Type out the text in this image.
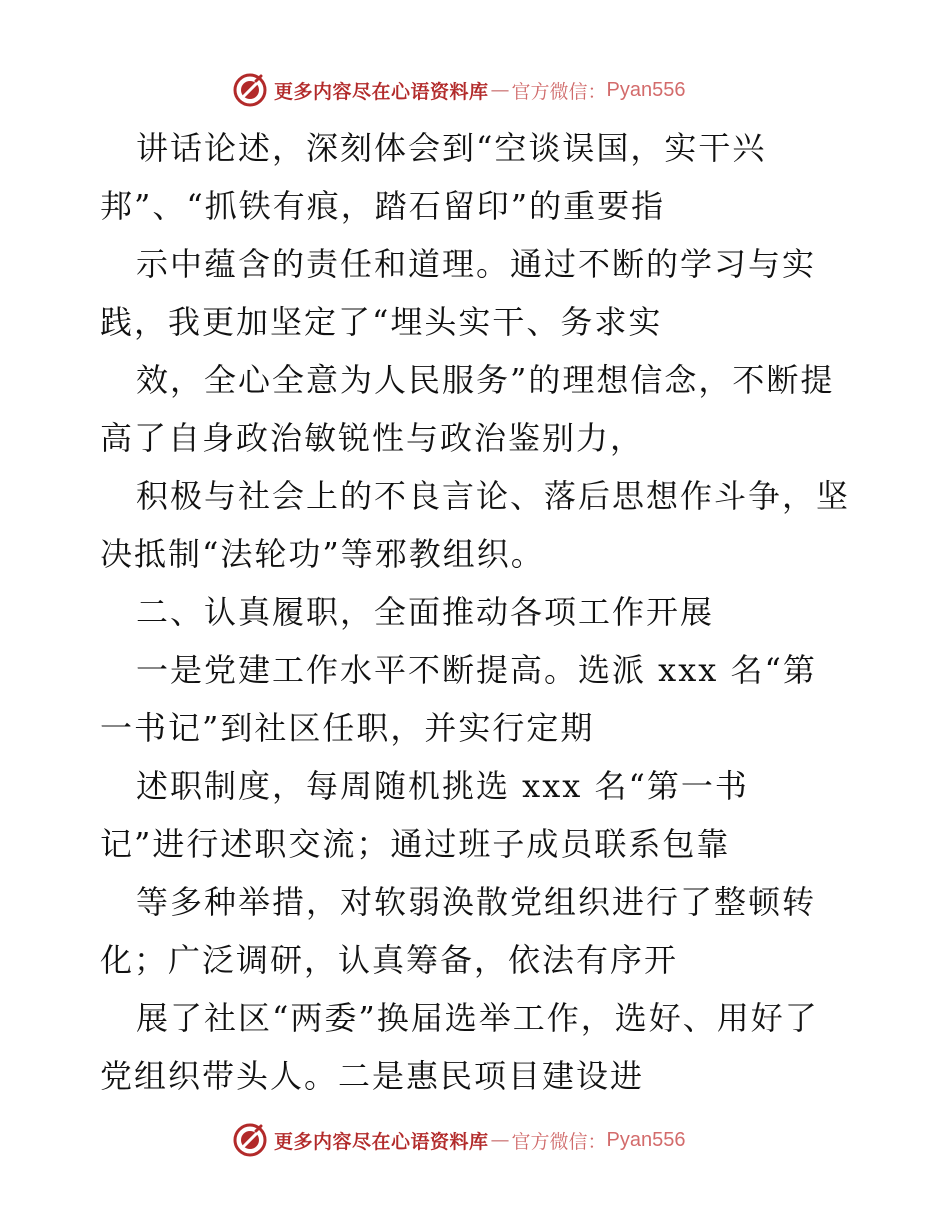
更多内容尽在心语资料库 — 官方微信： Pyan556
讲话论述，深刻体会到“空谈误国，实干兴
邦”、“抓铁有痕，踏石留印”的重要指
示中蕴含的责任和道理。通过不断的学习与实
践，我更加坚定了“埋头实干、务求实
效，全心全意为人民服务”的理想信念，不断提
高了自身政治敏锐性与政治鉴别力，
积极与社会上的不良言论、落后思想作斗争，坚
决抵制“法轮功”等邪教组织。
二、认真履职，全面推动各项工作开展
一是党建工作水平不断提高。选派 xxx 名“第
一书记”到社区任职，并实行定期
述职制度，每周随机挑选 xxx 名“第一书
记”进行述职交流；通过班子成员联系包靠
等多种举措，对软弱涣散党组织进行了整顿转
化；广泛调研，认真筹备，依法有序开
展了社区“两委”换届选举工作，选好、用好了
党组织带头人。二是惠民项目建设进
更多内容尽在心语资料库 — 官方微信： Pyan556
